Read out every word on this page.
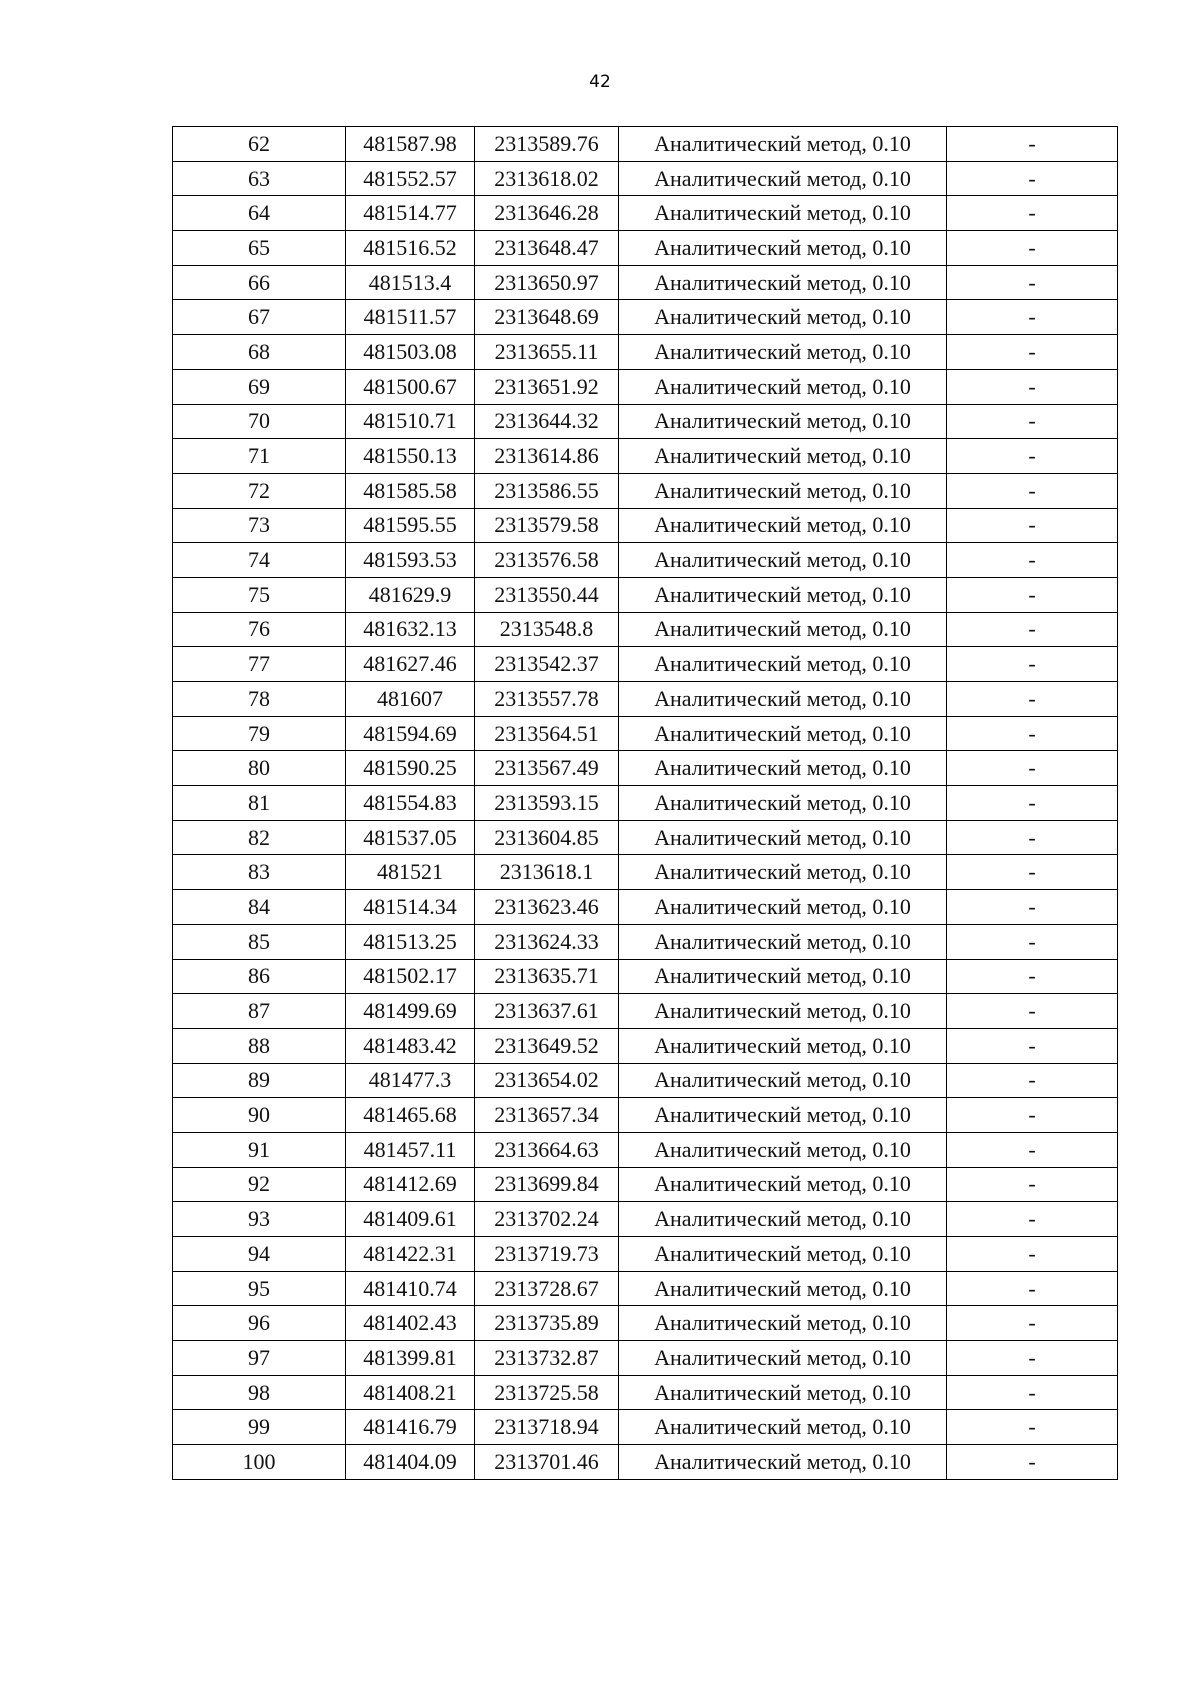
42
62	481587.98	2313589.76	Аналитический метод, 0.10	-
63	481552.57	2313618.02	Аналитический метод, 0.10	-
64	481514.77	2313646.28	Аналитический метод, 0.10	-
65	481516.52	2313648.47	Аналитический метод, 0.10	-
66	481513.4	2313650.97	Аналитический метод, 0.10	-
67	481511.57	2313648.69	Аналитический метод, 0.10	-
68	481503.08	2313655.11	Аналитический метод, 0.10	-
69	481500.67	2313651.92	Аналитический метод, 0.10	-
70	481510.71	2313644.32	Аналитический метод, 0.10	-
71	481550.13	2313614.86	Аналитический метод, 0.10	-
72	481585.58	2313586.55	Аналитический метод, 0.10	-
73	481595.55	2313579.58	Аналитический метод, 0.10	-
74	481593.53	2313576.58	Аналитический метод, 0.10	-
75	481629.9	2313550.44	Аналитический метод, 0.10	-
76	481632.13	2313548.8	Аналитический метод, 0.10	-
77	481627.46	2313542.37	Аналитический метод, 0.10	-
78	481607	2313557.78	Аналитический метод, 0.10	-
79	481594.69	2313564.51	Аналитический метод, 0.10	-
80	481590.25	2313567.49	Аналитический метод, 0.10	-
81	481554.83	2313593.15	Аналитический метод, 0.10	-
82	481537.05	2313604.85	Аналитический метод, 0.10	-
83	481521	2313618.1	Аналитический метод, 0.10	-
84	481514.34	2313623.46	Аналитический метод, 0.10	-
85	481513.25	2313624.33	Аналитический метод, 0.10	-
86	481502.17	2313635.71	Аналитический метод, 0.10	-
87	481499.69	2313637.61	Аналитический метод, 0.10	-
88	481483.42	2313649.52	Аналитический метод, 0.10	-
89	481477.3	2313654.02	Аналитический метод, 0.10	-
90	481465.68	2313657.34	Аналитический метод, 0.10	-
91	481457.11	2313664.63	Аналитический метод, 0.10	-
92	481412.69	2313699.84	Аналитический метод, 0.10	-
93	481409.61	2313702.24	Аналитический метод, 0.10	-
94	481422.31	2313719.73	Аналитический метод, 0.10	-
95	481410.74	2313728.67	Аналитический метод, 0.10	-
96	481402.43	2313735.89	Аналитический метод, 0.10	-
97	481399.81	2313732.87	Аналитический метод, 0.10	-
98	481408.21	2313725.58	Аналитический метод, 0.10	-
99	481416.79	2313718.94	Аналитический метод, 0.10	-
100	481404.09	2313701.46	Аналитический метод, 0.10	-
